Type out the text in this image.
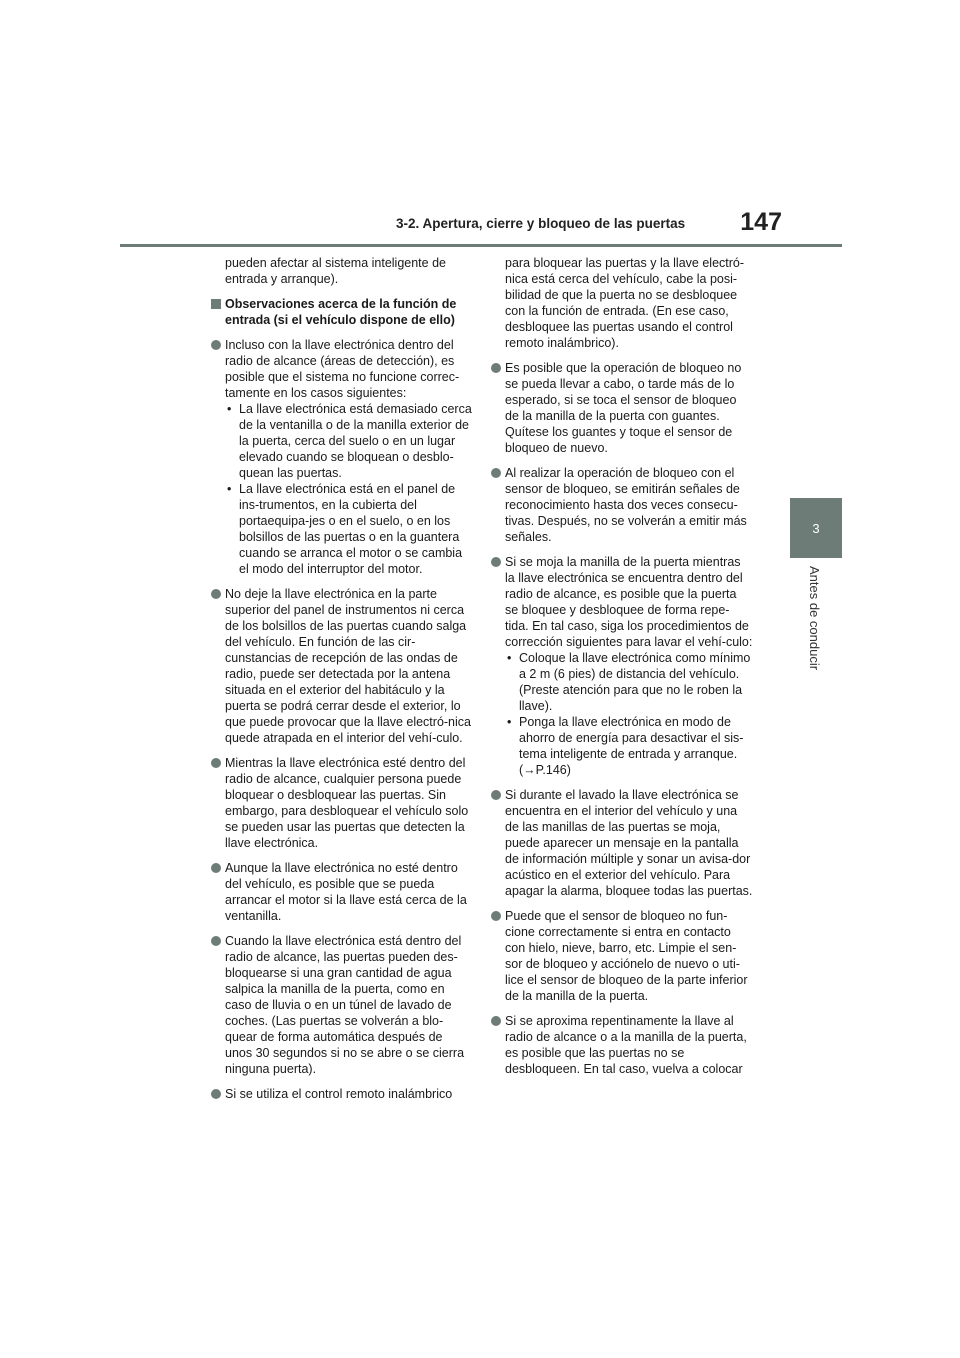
3-2. Apertura, cierre y bloqueo de las puertas	147
3
Antes de conducir

pueden afectar al sistema inteligente de entrada y arranque).

Observaciones acerca de la función de entrada (si el vehículo dispone de ello)
Incluso con la llave electrónica dentro del radio de alcance (áreas de detección), es posible que el sistema no funcione correc-tamente en los casos siguientes:
• La llave electrónica está demasiado cerca de la ventanilla o de la manilla exterior de la puerta, cerca del suelo o en un lugar elevado cuando se bloquean o desblo-quean las puertas.
• La llave electrónica está en el panel de ins-trumentos, en la cubierta del portaequipa-jes o en el suelo, o en los bolsillos de las puertas o en la guantera cuando se arranca el motor o se cambia el modo del interruptor del motor.
No deje la llave electrónica en la parte superior del panel de instrumentos ni cerca de los bolsillos de las puertas cuando salga del vehículo. En función de las cir-cunstancias de recepción de las ondas de radio, puede ser detectada por la antena situada en el exterior del habitáculo y la puerta se podrá cerrar desde el exterior, lo que puede provocar que la llave electró-nica quede atrapada en el interior del vehí-culo.
Mientras la llave electrónica esté dentro del radio de alcance, cualquier persona puede bloquear o desbloquear las puertas. Sin embargo, para desbloquear el vehículo solo se pueden usar las puertas que detecten la llave electrónica.
Aunque la llave electrónica no esté dentro del vehículo, es posible que se pueda arrancar el motor si la llave está cerca de la ventanilla.
Cuando la llave electrónica está dentro del radio de alcance, las puertas pueden des-bloquearse si una gran cantidad de agua salpica la manilla de la puerta, como en caso de lluvia o en un túnel de lavado de coches. (Las puertas se volverán a blo-quear de forma automática después de unos 30 segundos si no se abre o se cierra ninguna puerta).
Si se utiliza el control remoto inalámbrico

para bloquear las puertas y la llave electró-nica está cerca del vehículo, cabe la posi-bilidad de que la puerta no se desbloquee con la función de entrada. (En ese caso, desbloquee las puertas usando el control remoto inalámbrico).

Es posible que la operación de bloqueo no se pueda llevar a cabo, o tarde más de lo esperado, si se toca el sensor de bloqueo de la manilla de la puerta con guantes. Quítese los guantes y toque el sensor de bloqueo de nuevo.
Al realizar la operación de bloqueo con el sensor de bloqueo, se emitirán señales de reconocimiento hasta dos veces consecu-tivas. Después, no se volverán a emitir más señales.
Si se moja la manilla de la puerta mientras la llave electrónica se encuentra dentro del radio de alcance, es posible que la puerta se bloquee y desbloquee de forma repe-tida. En tal caso, siga los procedimientos de corrección siguientes para lavar el vehí-culo:
• Coloque la llave electrónica como mínimo a 2 m (6 pies) de distancia del vehículo. (Preste atención para que no le roben la llave).
• Ponga la llave electrónica en modo de ahorro de energía para desactivar el sis-tema inteligente de entrada y arranque. (→P.146)
Si durante el lavado la llave electrónica se encuentra en el interior del vehículo y una de las manillas de las puertas se moja, puede aparecer un mensaje en la pantalla de información múltiple y sonar un avisa-dor acústico en el exterior del vehículo. Para apagar la alarma, bloquee todas las puertas.
Puede que el sensor de bloqueo no fun-cione correctamente si entra en contacto con hielo, nieve, barro, etc. Limpie el sen-sor de bloqueo y acciónelo de nuevo o uti-lice el sensor de bloqueo de la parte inferior de la manilla de la puerta.
Si se aproxima repentinamente la llave al radio de alcance o a la manilla de la puerta, es posible que las puertas no se desbloqueen. En tal caso, vuelva a colocar
